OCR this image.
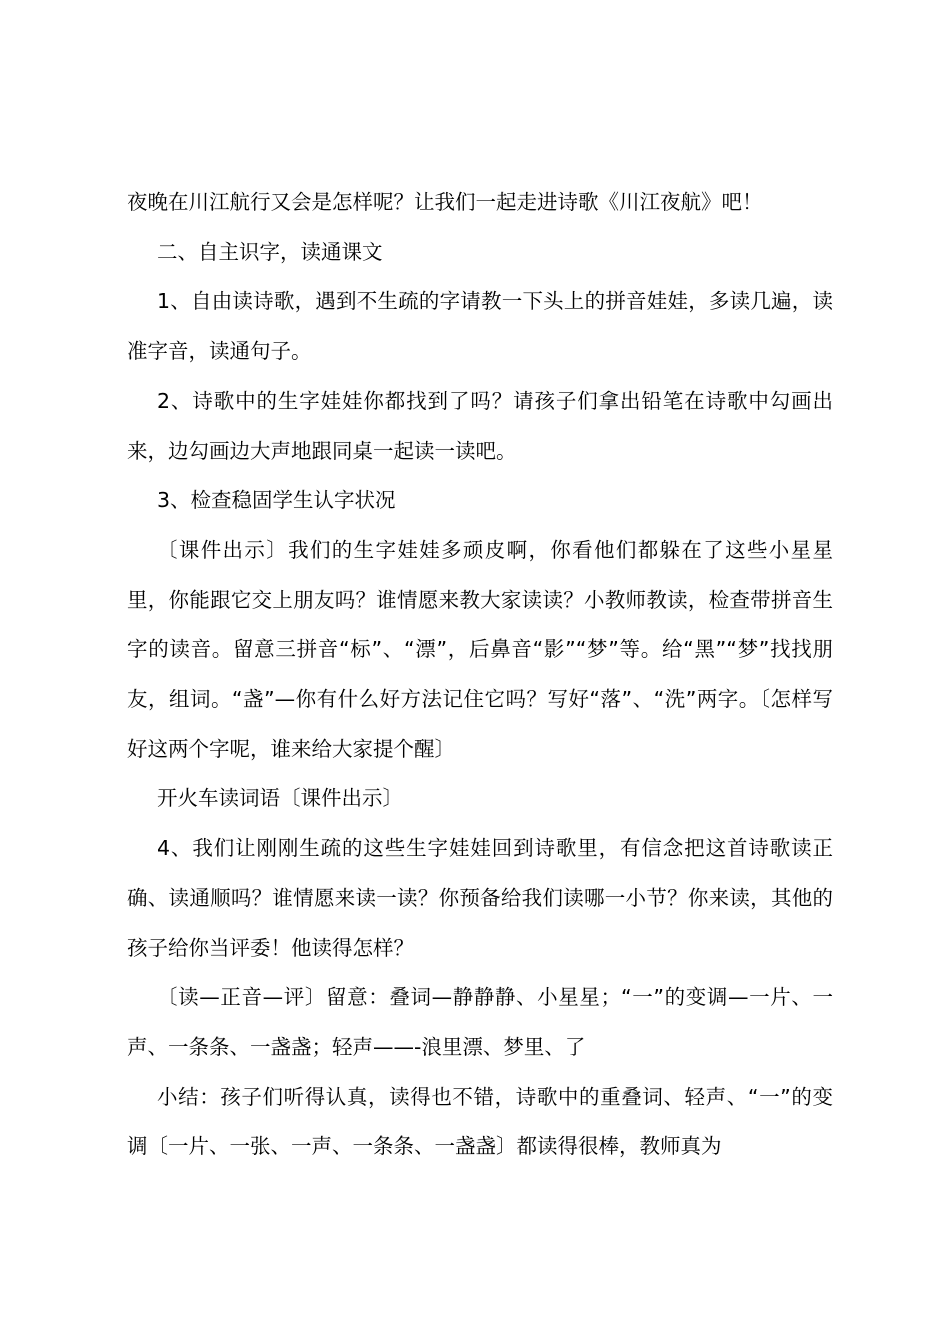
夜晚在川江航行又会是怎样呢？让我们一起走进诗歌《川江夜航》吧！

二、自主识字，读通课文

1、自由读诗歌，遇到不生疏的字请教一下头上的拼音娃娃，多读几遍，读准字音，读通句子。

2、诗歌中的生字娃娃你都找到了吗？请孩子们拿出铅笔在诗歌中勾画出来，边勾画边大声地跟同桌一起读一读吧。

3、检查稳固学生认字状况

〔课件出示〕我们的生字娃娃多顽皮啊，你看他们都躲在了这些小星星里，你能跟它交上朋友吗？谁情愿来教大家读读？小教师教读，检查带拼音生字的读音。留意三拼音“标”、“漂”，后鼻音“影”“梦”等。给“黑”“梦”找找朋友，组词。“盏”—你有什么好方法记住它吗？写好“落”、“洗”两字。〔怎样写好这两个字呢，谁来给大家提个醒〕

开火车读词语〔课件出示〕

4、我们让刚刚生疏的这些生字娃娃回到诗歌里，有信念把这首诗歌读正确、读通顺吗？谁情愿来读一读？你预备给我们读哪一小节？你来读，其他的孩子给你当评委！他读得怎样？

〔读—正音—评〕留意：叠词—静静静、小星星；“一”的变调—一片、一声、一条条、一盏盏；轻声——-浪里漂、梦里、了

小结：孩子们听得认真，读得也不错，诗歌中的重叠词、轻声、“一”的变调〔一片、一张、一声、一条条、一盏盏〕都读得很棒，教师真为
